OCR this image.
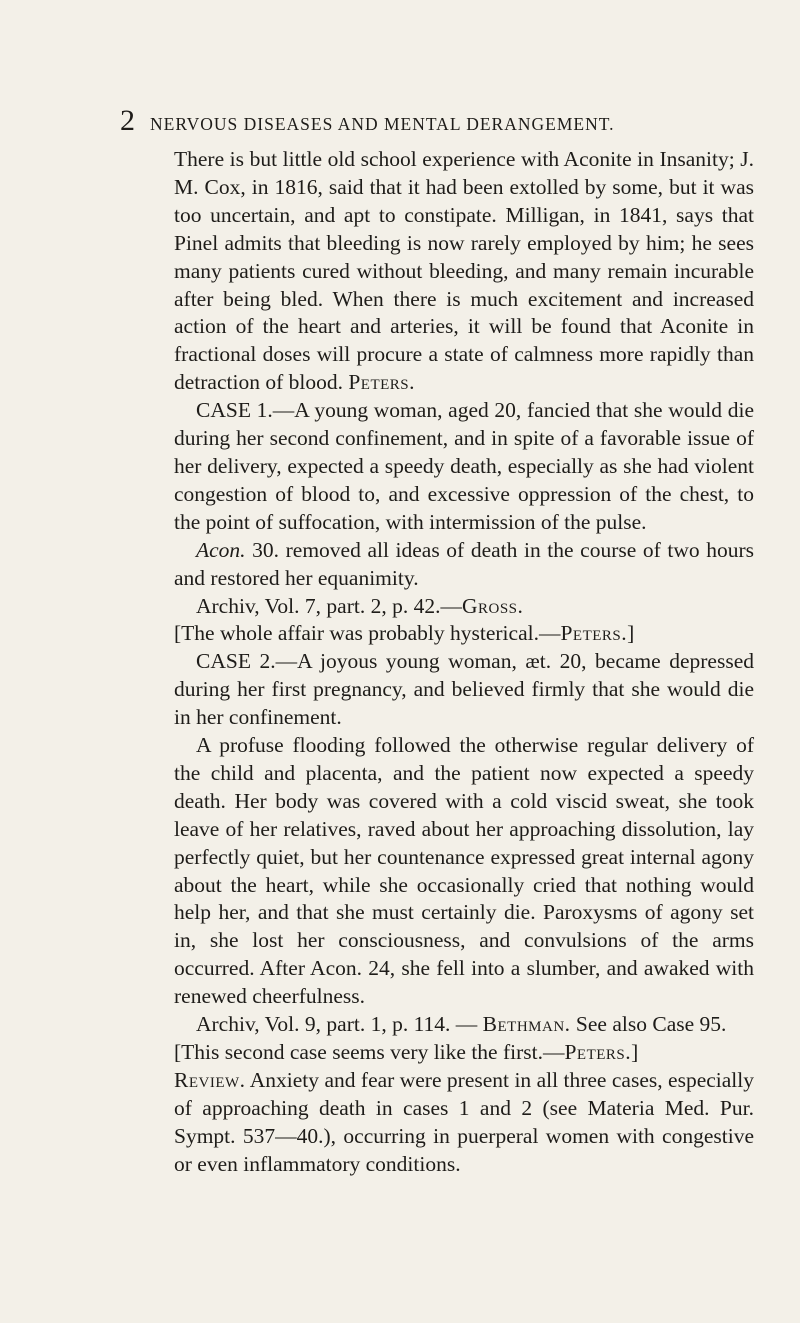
2 NERVOUS DISEASES AND MENTAL DERANGEMENT.

There is but little old school experience with Aconite in Insanity; J. M. Cox, in 1816, said that it had been extolled by some, but it was too uncertain, and apt to constipate. Milligan, in 1841, says that Pinel admits that bleeding is now rarely employed by him; he sees many patients cured without bleeding, and many remain incurable after being bled. When there is much excitement and increased action of the heart and arteries, it will be found that Aconite in fractional doses will procure a state of calmness more rapidly than detraction of blood. Peters.

CASE 1.—A young woman, aged 20, fancied that she would die during her second confinement, and in spite of a favorable issue of her delivery, expected a speedy death, especially as she had violent congestion of blood to, and excessive oppression of the chest, to the point of suffocation, with intermission of the pulse.

Acon. 30. removed all ideas of death in the course of two hours and restored her equanimity.

Archiv, Vol. 7, part. 2, p. 42.—Gross.

[The whole affair was probably hysterical.—Peters.]

CASE 2.—A joyous young woman, æt. 20, became depressed during her first pregnancy, and believed firmly that she would die in her confinement.

A profuse flooding followed the otherwise regular delivery of the child and placenta, and the patient now expected a speedy death. Her body was covered with a cold viscid sweat, she took leave of her relatives, raved about her approaching dissolution, lay perfectly quiet, but her countenance expressed great internal agony about the heart, while she occasionally cried that nothing would help her, and that she must certainly die. Paroxysms of agony set in, she lost her consciousness, and convulsions of the arms occurred. After Acon. 24, she fell into a slumber, and awaked with renewed cheerfulness.

Archiv, Vol. 9, part. 1, p. 114. — Bethman. See also Case 95.

[This second case seems very like the first.—Peters.]

Review. Anxiety and fear were present in all three cases, especially of approaching death in cases 1 and 2 (see Materia Med. Pur. Sympt. 537—40.), occurring in puerperal women with congestive or even inflammatory conditions.
